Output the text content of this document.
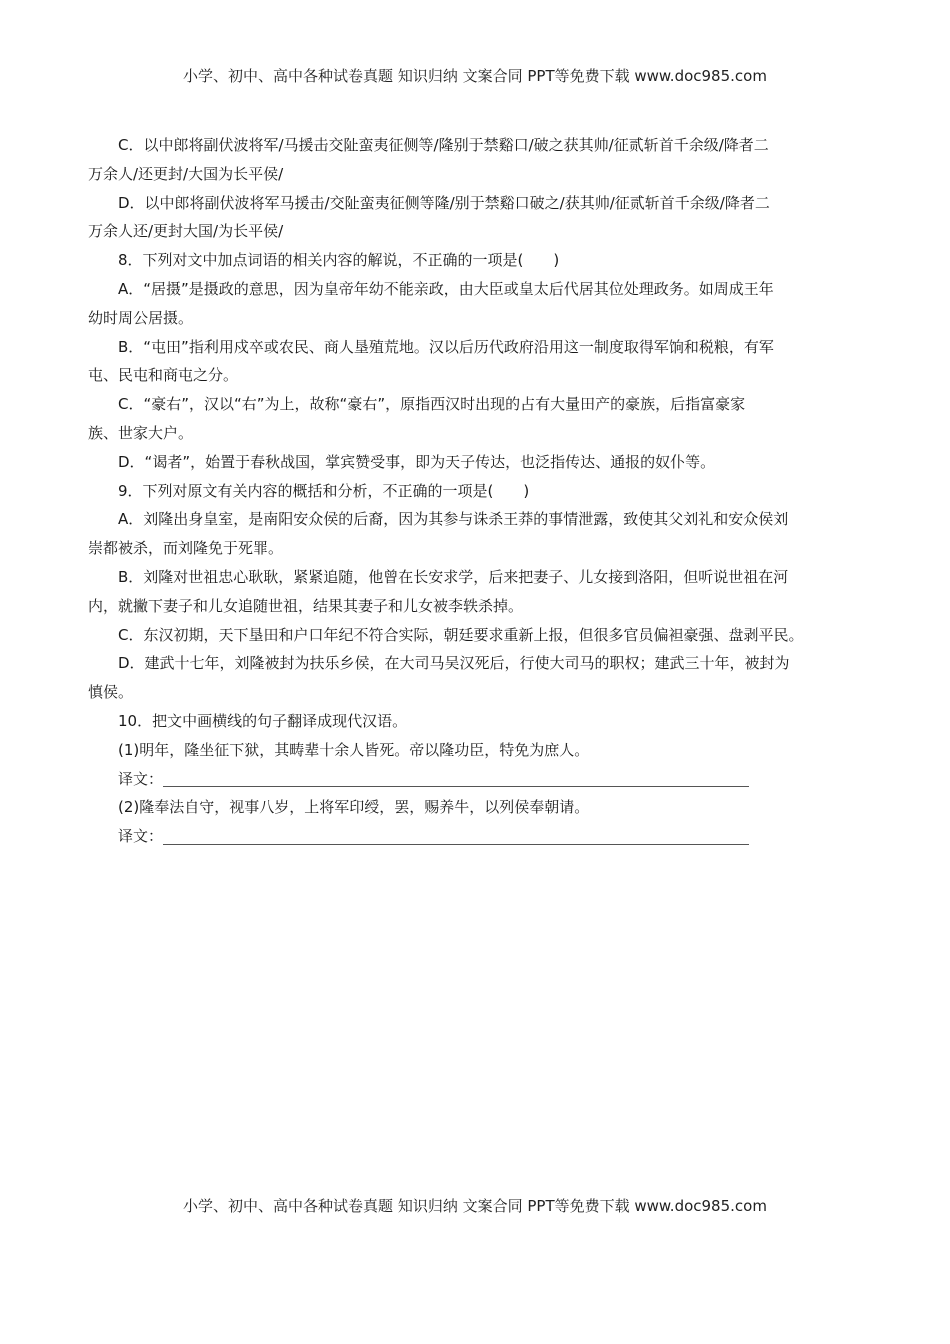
小学、初中、高中各种试卷真题 知识归纳 文案合同 PPT等免费下载 www.doc985.com
C．以中郎将副伏波将军/马援击交阯蛮夷征侧等/隆别于禁谿口/破之获其帅/征贰斩首千余级/降者二
万余人/还更封/大国为长平侯/
D．以中郎将副伏波将军马援击/交阯蛮夷征侧等隆/别于禁谿口破之/获其帅/征贰斩首千余级/降者二
万余人还/更封大国/为长平侯/
8．下列对文中加点词语的相关内容的解说，不正确的一项是(　　)
A．“居摄”是摄政的意思，因为皇帝年幼不能亲政，由大臣或皇太后代居其位处理政务。如周成王年
幼时周公居摄。
B．“屯田”指利用戍卒或农民、商人垦殖荒地。汉以后历代政府沿用这一制度取得军饷和税粮，有军
屯、民屯和商屯之分。
C．“豪右”，汉以“右”为上，故称“豪右”，原指西汉时出现的占有大量田产的豪族，后指富豪家
族、世家大户。
D．“谒者”，始置于春秋战国，掌宾赞受事，即为天子传达，也泛指传达、通报的奴仆等。
9．下列对原文有关内容的概括和分析，不正确的一项是(　　)
A．刘隆出身皇室，是南阳安众侯的后裔，因为其参与诛杀王莽的事情泄露，致使其父刘礼和安众侯刘
崇都被杀，而刘隆免于死罪。
B．刘隆对世祖忠心耿耿，紧紧追随，他曾在长安求学，后来把妻子、儿女接到洛阳，但听说世祖在河
内，就撇下妻子和儿女追随世祖，结果其妻子和儿女被李轶杀掉。
C．东汉初期，天下垦田和户口年纪不符合实际，朝廷要求重新上报，但很多官员偏袒豪强、盘剥平民。
D．建武十七年，刘隆被封为扶乐乡侯，在大司马吴汉死后，行使大司马的职权；建武三十年，被封为
慎侯。
10．把文中画横线的句子翻译成现代汉语。
(1)明年，隆坐征下狱，其畴辈十余人皆死。帝以隆功臣，特免为庶人。
译文：
(2)隆奉法自守，视事八岁，上将军印绶，罢，赐养牛，以列侯奉朝请。
译文：
小学、初中、高中各种试卷真题 知识归纳 文案合同 PPT等免费下载 www.doc985.com
